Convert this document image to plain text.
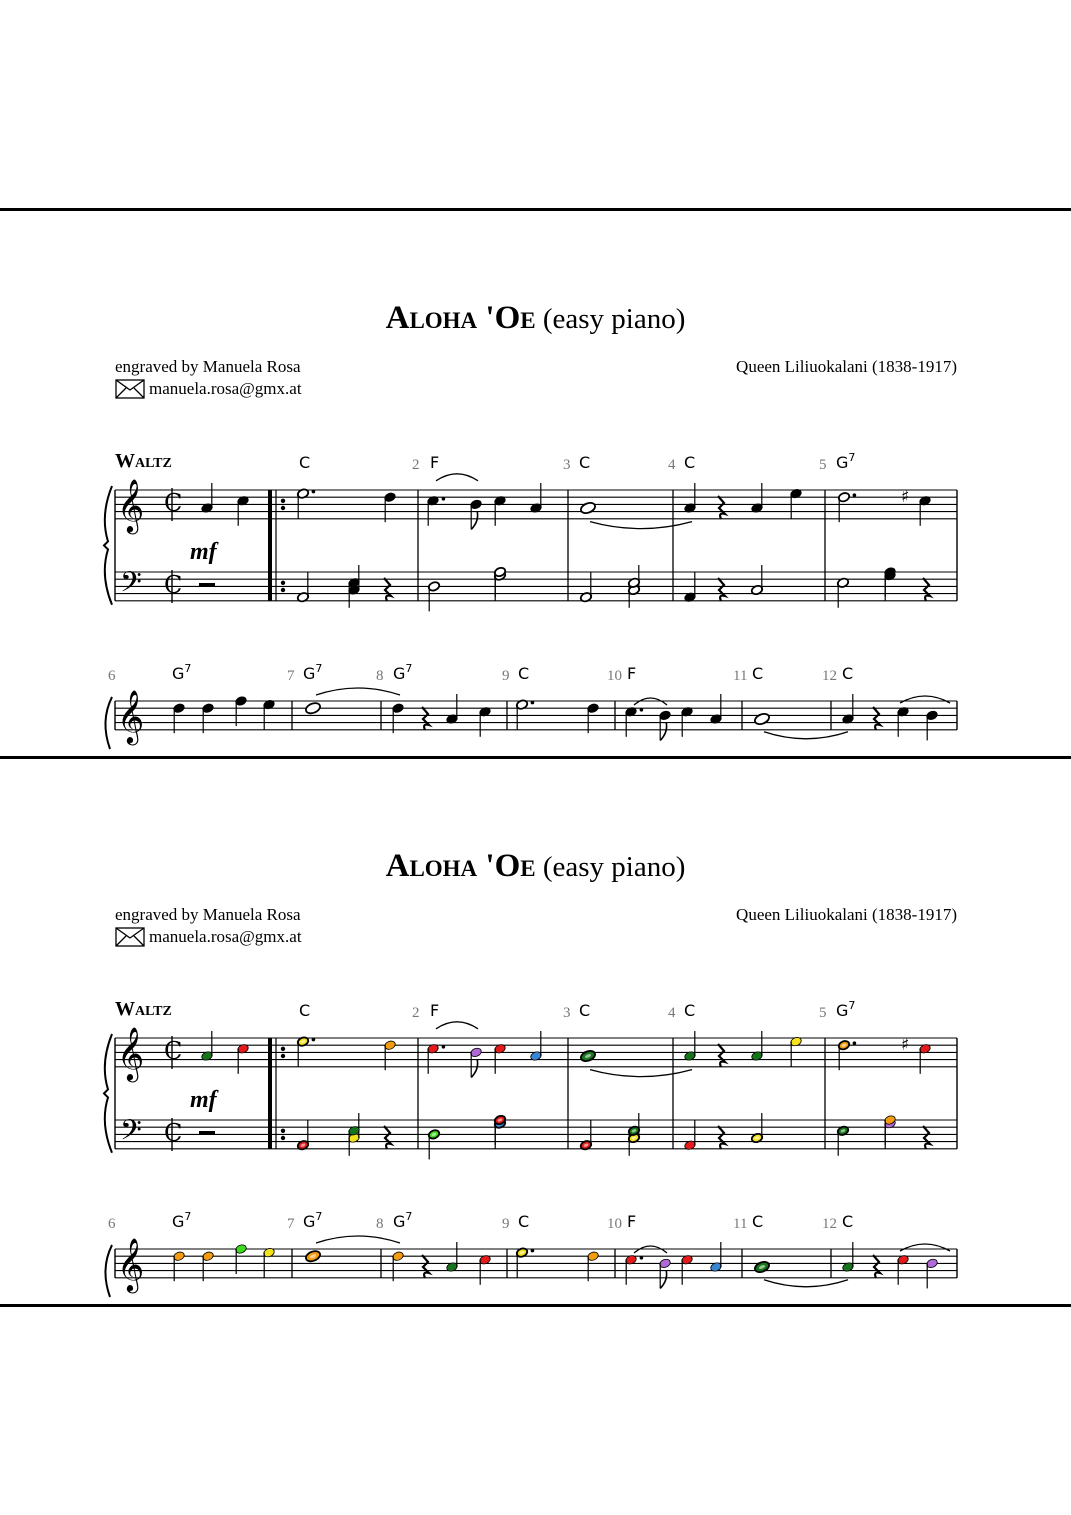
Aloha 'Oe (easy piano)
engraved by Manuela Rosa
manuela.rosa@gmx.at
Queen Liliuokalani (1838-1917)
Waltz
𝄞
𝄢
C
C
mf
C	F
2	C
3	C
4	$G^7$
5
♯
𝄞
$G^7$
6	$G^7$
7	$G^7$
8	C
9	F
10	C
11	C
12
Aloha 'Oe (easy piano)
engraved by Manuela Rosa
manuela.rosa@gmx.at
Queen Liliuokalani (1838-1917)
Waltz
𝄞
𝄢
C
C
mf
C	F
2	C
3	C
4	$G^7$
5
♯
𝄞
$G^7$
6	$G^7$
7	$G^7$
8	C
9	F
10	C
11	C
12
